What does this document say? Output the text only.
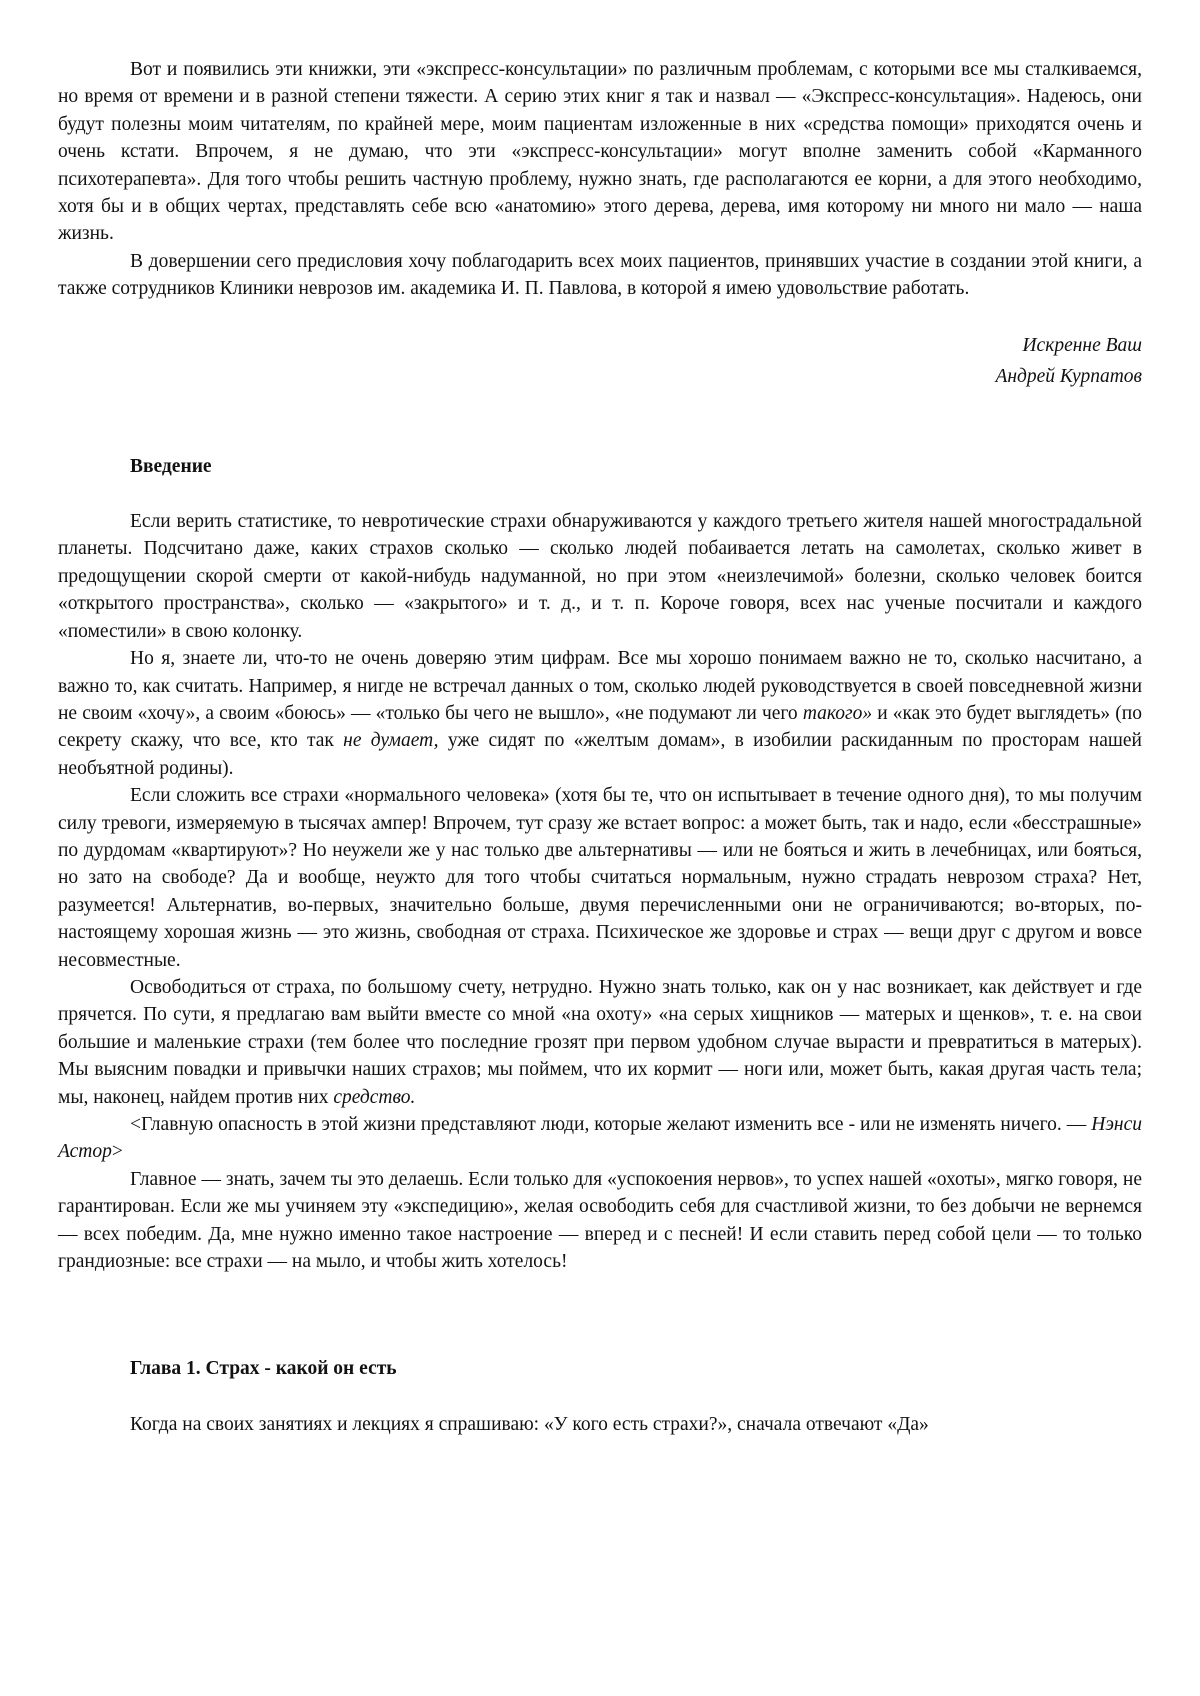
Вот и появились эти книжки, эти «экспресс-консультации» по различным проблемам, с которыми все мы сталкиваемся, но время от времени и в разной степени тяжести. А серию этих книг я так и назвал — «Экспресс-консультация». Надеюсь, они будут полезны моим читателям, по крайней мере, моим пациентам изложенные в них «средства помощи» приходятся очень и очень кстати. Впрочем, я не думаю, что эти «экспресс-консультации» могут вполне заменить собой «Карманного психотерапевта». Для того чтобы решить частную проблему, нужно знать, где располагаются ее корни, а для этого необходимо, хотя бы и в общих чертах, представлять себе всю «анатомию» этого дерева, дерева, имя которому ни много ни мало — наша жизнь.

В довершении сего предисловия хочу поблагодарить всех моих пациентов, принявших участие в создании этой книги, а также сотрудников Клиники неврозов им. академика И. П. Павлова, в которой я имею удовольствие работать.

Искренне Ваш
Андрей Курпатов
Введение

Если верить статистике, то невротические страхи обнаруживаются у каждого третьего жителя нашей многострадальной планеты. Подсчитано даже, каких страхов сколько — сколько людей побаивается летать на самолетах, сколько живет в предощущении скорой смерти от какой-нибудь надуманной, но при этом «неизлечимой» болезни, сколько человек боится «открытого пространства», сколько — «закрытого» и т. д., и т. п. Короче говоря, всех нас ученые посчитали и каждого «поместили» в свою колонку.

Но я, знаете ли, что-то не очень доверяю этим цифрам. Все мы хорошо понимаем важно не то, сколько насчитано, а важно то, как считать. Например, я нигде не встречал данных о том, сколько людей руководствуется в своей повседневной жизни не своим «хочу», а своим «боюсь» — «только бы чего не вышло», «не подумают ли чего такого» и «как это будет выглядеть» (по секрету скажу, что все, кто так не думает, уже сидят по «желтым домам», в изобилии раскиданным по просторам нашей необъятной родины).

Если сложить все страхи «нормального человека» (хотя бы те, что он испытывает в течение одного дня), то мы получим силу тревоги, измеряемую в тысячах ампер! Впрочем, тут сразу же встает вопрос: а может быть, так и надо, если «бесстрашные» по дурдомам «квартируют»? Но неужели же у нас только две альтернативы — или не бояться и жить в лечебницах, или бояться, но зато на свободе? Да и вообще, неужто для того чтобы считаться нормальным, нужно страдать неврозом страха? Нет, разумеется! Альтернатив, во-первых, значительно больше, двумя перечисленными они не ограничиваются; во-вторых, по-настоящему хорошая жизнь — это жизнь, свободная от страха. Психическое же здоровье и страх — вещи друг с другом и вовсе несовместные.

Освободиться от страха, по большому счету, нетрудно. Нужно знать только, как он у нас возникает, как действует и где прячется. По сути, я предлагаю вам выйти вместе со мной «на охоту» «на серых хищников — матерых и щенков», т. е. на свои большие и маленькие страхи (тем более что последние грозят при первом удобном случае вырасти и превратиться в матерых). Мы выясним повадки и привычки наших страхов; мы поймем, что их кормит — ноги или, может быть, какая другая часть тела; мы, наконец, найдем против них средство.

<Главную опасность в этой жизни представляют люди, которые желают изменить все - или не изменять ничего. — Нэнси Астор>

Главное — знать, зачем ты это делаешь. Если только для «успокоения нервов», то успех нашей «охоты», мягко говоря, не гарантирован. Если же мы учиняем эту «экспедицию», желая освободить себя для счастливой жизни, то без добычи не вернемся — всех победим. Да, мне нужно именно такое настроение — вперед и с песней! И если ставить перед собой цели — то только грандиозные: все страхи — на мыло, и чтобы жить хотелось!

Глава 1. Страх - какой он есть

Когда на своих занятиях и лекциях я спрашиваю: «У кого есть страхи?», сначала отвечают «Да»
